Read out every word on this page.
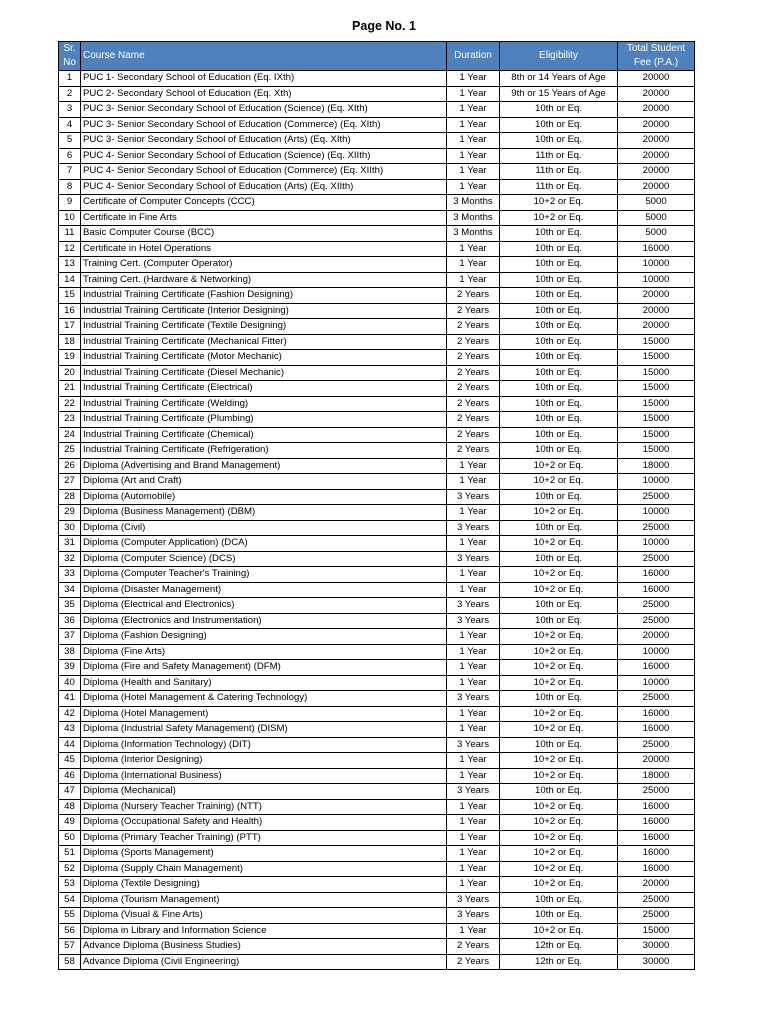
Page No. 1
Sr. No	Course Name	Duration	Eligibility	Total Student Fee (P.A.)
1	PUC 1- Secondary School of Education (Eq. IXth)	1 Year	8th or 14 Years of Age	20000
2	PUC 2- Secondary School of Education (Eq. Xth)	1 Year	9th or 15 Years of Age	20000
3	PUC 3- Senior Secondary School of Education (Science) (Eq. XIth)	1 Year	10th or Eq.	20000
4	PUC 3- Senior Secondary School of Education (Commerce) (Eq. XIth)	1 Year	10th or Eq.	20000
5	PUC 3- Senior Secondary School of Education (Arts) (Eq. XIth)	1 Year	10th or Eq.	20000
6	PUC 4- Senior Secondary School of Education (Science) (Eq. XIIth)	1 Year	11th or Eq.	20000
7	PUC 4- Senior Secondary School of Education (Commerce) (Eq. XIIth)	1 Year	11th or Eq.	20000
8	PUC 4- Senior Secondary School of Education (Arts) (Eq. XIIth)	1 Year	11th or Eq.	20000
9	Certificate of Computer Concepts (CCC)	3 Months	10+2 or Eq.	5000
10	Certificate in Fine Arts	3 Months	10+2 or Eq.	5000
11	Basic Computer Course (BCC)	3 Months	10th or Eq.	5000
12	Certificate in Hotel Operations	1 Year	10th or Eq.	16000
13	Training Cert. (Computer Operator)	1 Year	10th or Eq.	10000
14	Training Cert. (Hardware & Networking)	1 Year	10th or Eq.	10000
15	Industrial Training Certificate (Fashion Designing)	2 Years	10th or Eq.	20000
16	Industrial Training Certificate (Interior Designing)	2 Years	10th or Eq.	20000
17	Industrial Training Certificate (Textile Designing)	2 Years	10th or Eq.	20000
18	Industrial Training Certificate (Mechanical Fitter)	2 Years	10th or Eq.	15000
19	Industrial Training Certificate (Motor Mechanic)	2 Years	10th or Eq.	15000
20	Industrial Training Certificate (Diesel Mechanic)	2 Years	10th or Eq.	15000
21	Industrial Training Certificate (Electrical)	2 Years	10th or Eq.	15000
22	Industrial Training Certificate (Welding)	2 Years	10th or Eq.	15000
23	Industrial Training Certificate (Plumbing)	2 Years	10th or Eq.	15000
24	Industrial Training Certificate (Chemical)	2 Years	10th or Eq.	15000
25	Industrial Training Certificate (Refrigeration)	2 Years	10th or Eq.	15000
26	Diploma (Advertising and Brand Management)	1 Year	10+2 or Eq.	18000
27	Diploma (Art and Craft)	1 Year	10+2 or Eq.	10000
28	Diploma (Automobile)	3 Years	10th or Eq.	25000
29	Diploma (Business Management) (DBM)	1 Year	10+2 or Eq.	10000
30	Diploma (Civil)	3 Years	10th or Eq.	25000
31	Diploma (Computer Application) (DCA)	1 Year	10+2 or Eq.	10000
32	Diploma (Computer Science) (DCS)	3 Years	10th or Eq.	25000
33	Diploma (Computer Teacher's Training)	1 Year	10+2 or Eq.	16000
34	Diploma (Disaster Management)	1 Year	10+2 or Eq.	16000
35	Diploma (Electrical and Electronics)	3 Years	10th or Eq.	25000
36	Diploma (Electronics and Instrumentation)	3 Years	10th or Eq.	25000
37	Diploma (Fashion Designing)	1 Year	10+2 or Eq.	20000
38	Diploma (Fine Arts)	1 Year	10+2 or Eq.	10000
39	Diploma (Fire and Safety Management) (DFM)	1 Year	10+2 or Eq.	16000
40	Diploma (Health and Sanitary)	1 Year	10+2 or Eq.	10000
41	Diploma (Hotel Management & Catering Technology)	3 Years	10th or Eq.	25000
42	Diploma (Hotel Management)	1 Year	10+2 or Eq.	16000
43	Diploma (Industrial Safety Management) (DISM)	1 Year	10+2 or Eq.	16000
44	Diploma (Information Technology) (DIT)	3 Years	10th or Eq.	25000
45	Diploma (Interior Designing)	1 Year	10+2 or Eq.	20000
46	Diploma (International Business)	1 Year	10+2 or Eq.	18000
47	Diploma (Mechanical)	3 Years	10th or Eq.	25000
48	Diploma (Nursery Teacher Training) (NTT)	1 Year	10+2 or Eq.	16000
49	Diploma (Occupational Safety and Health)	1 Year	10+2 or Eq.	16000
50	Diploma (Primary Teacher Training) (PTT)	1 Year	10+2 or Eq.	16000
51	Diploma (Sports Management)	1 Year	10+2 or Eq.	16000
52	Diploma (Supply Chain Management)	1 Year	10+2 or Eq.	16000
53	Diploma (Textile Designing)	1 Year	10+2 or Eq.	20000
54	Diploma (Tourism Management)	3 Years	10th or Eq.	25000
55	Diploma (Visual & Fine Arts)	3 Years	10th or Eq.	25000
56	Diploma in Library and Information Science	1 Year	10+2 or Eq.	15000
57	Advance Diploma (Business Studies)	2 Years	12th or Eq.	30000
58	Advance Diploma (Civil Engineering)	2 Years	12th or Eq.	30000
